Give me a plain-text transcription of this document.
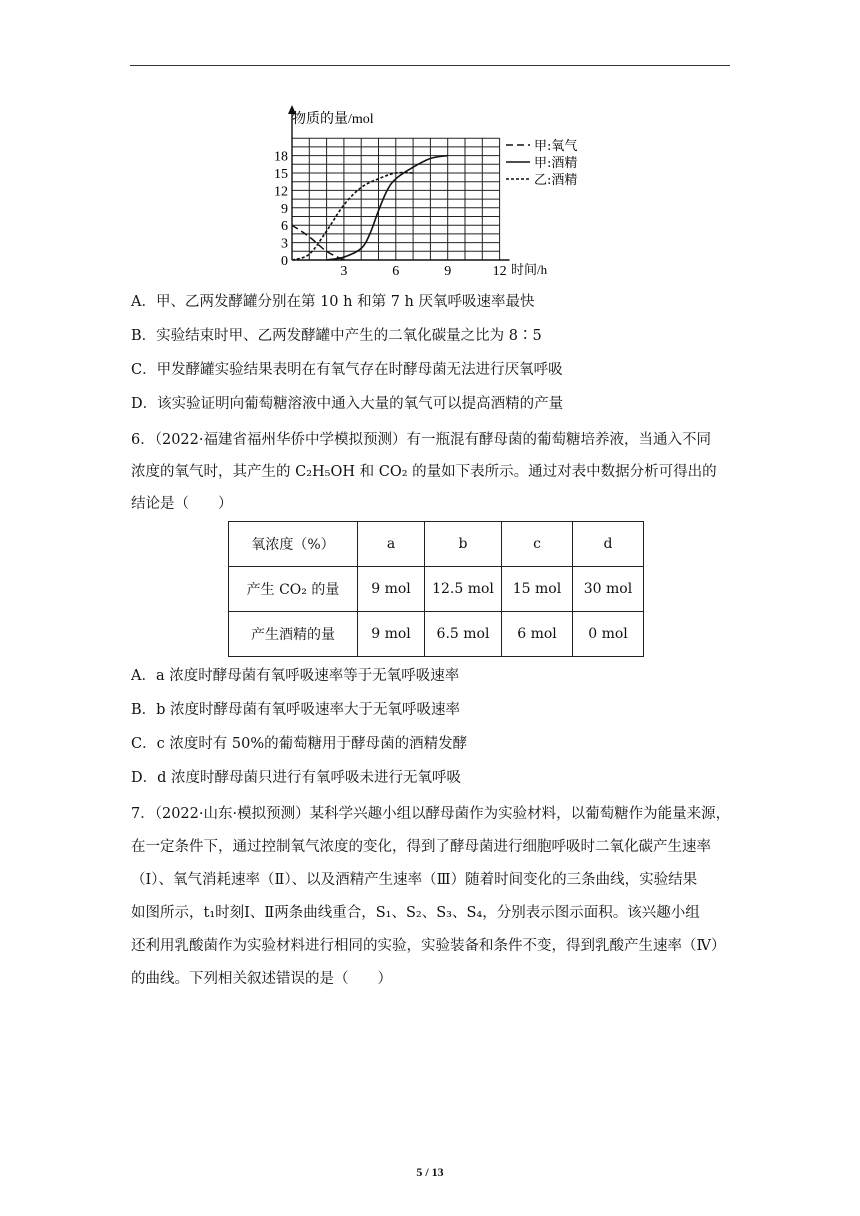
0
3
6
9
12
15
18
3	6	9	12
甲:氧气
甲:酒精
乙:酒精
物质的量/mol
时间/h
A．甲、乙两发酵罐分别在第 10 h 和第 7 h 厌氧呼吸速率最快
B．实验结束时甲、乙两发酵罐中产生的二氧化碳量之比为 8∶5
C．甲发酵罐实验结果表明在有氧气存在时酵母菌无法进行厌氧呼吸
D．该实验证明向葡萄糖溶液中通入大量的氧气可以提高酒精的产量
6．（2022·福建省福州华侨中学模拟预测）有一瓶混有酵母菌的葡萄糖培养液，当通入不同
浓度的氧气时，其产生的 C₂H₅OH 和 CO₂ 的量如下表所示。通过对表中数据分析可得出的
结论是（　　）
氧浓度（%）	a	b	c	d
产生 CO₂ 的量	9 mol	12.5 mol	15 mol	30 mol
产生酒精的量	9 mol	6.5 mol	6 mol	0 mol
A．a 浓度时酵母菌有氧呼吸速率等于无氧呼吸速率
B．b 浓度时酵母菌有氧呼吸速率大于无氧呼吸速率
C．c 浓度时有 50%的葡萄糖用于酵母菌的酒精发酵
D．d 浓度时酵母菌只进行有氧呼吸未进行无氧呼吸
7．（2022·山东·模拟预测）某科学兴趣小组以酵母菌作为实验材料，以葡萄糖作为能量来源，
在一定条件下，通过控制氧气浓度的变化，得到了酵母菌进行细胞呼吸时二氧化碳产生速率
（Ⅰ）、氧气消耗速率（Ⅱ）、以及酒精产生速率（Ⅲ）随着时间变化的三条曲线，实验结果
如图所示，t₁时刻Ⅰ、Ⅱ两条曲线重合，S₁、S₂、S₃、S₄，分别表示图示面积。该兴趣小组
还利用乳酸菌作为实验材料进行相同的实验，实验装备和条件不变，得到乳酸产生速率（Ⅳ）
的曲线。下列相关叙述错误的是（　　）
5 / 13
